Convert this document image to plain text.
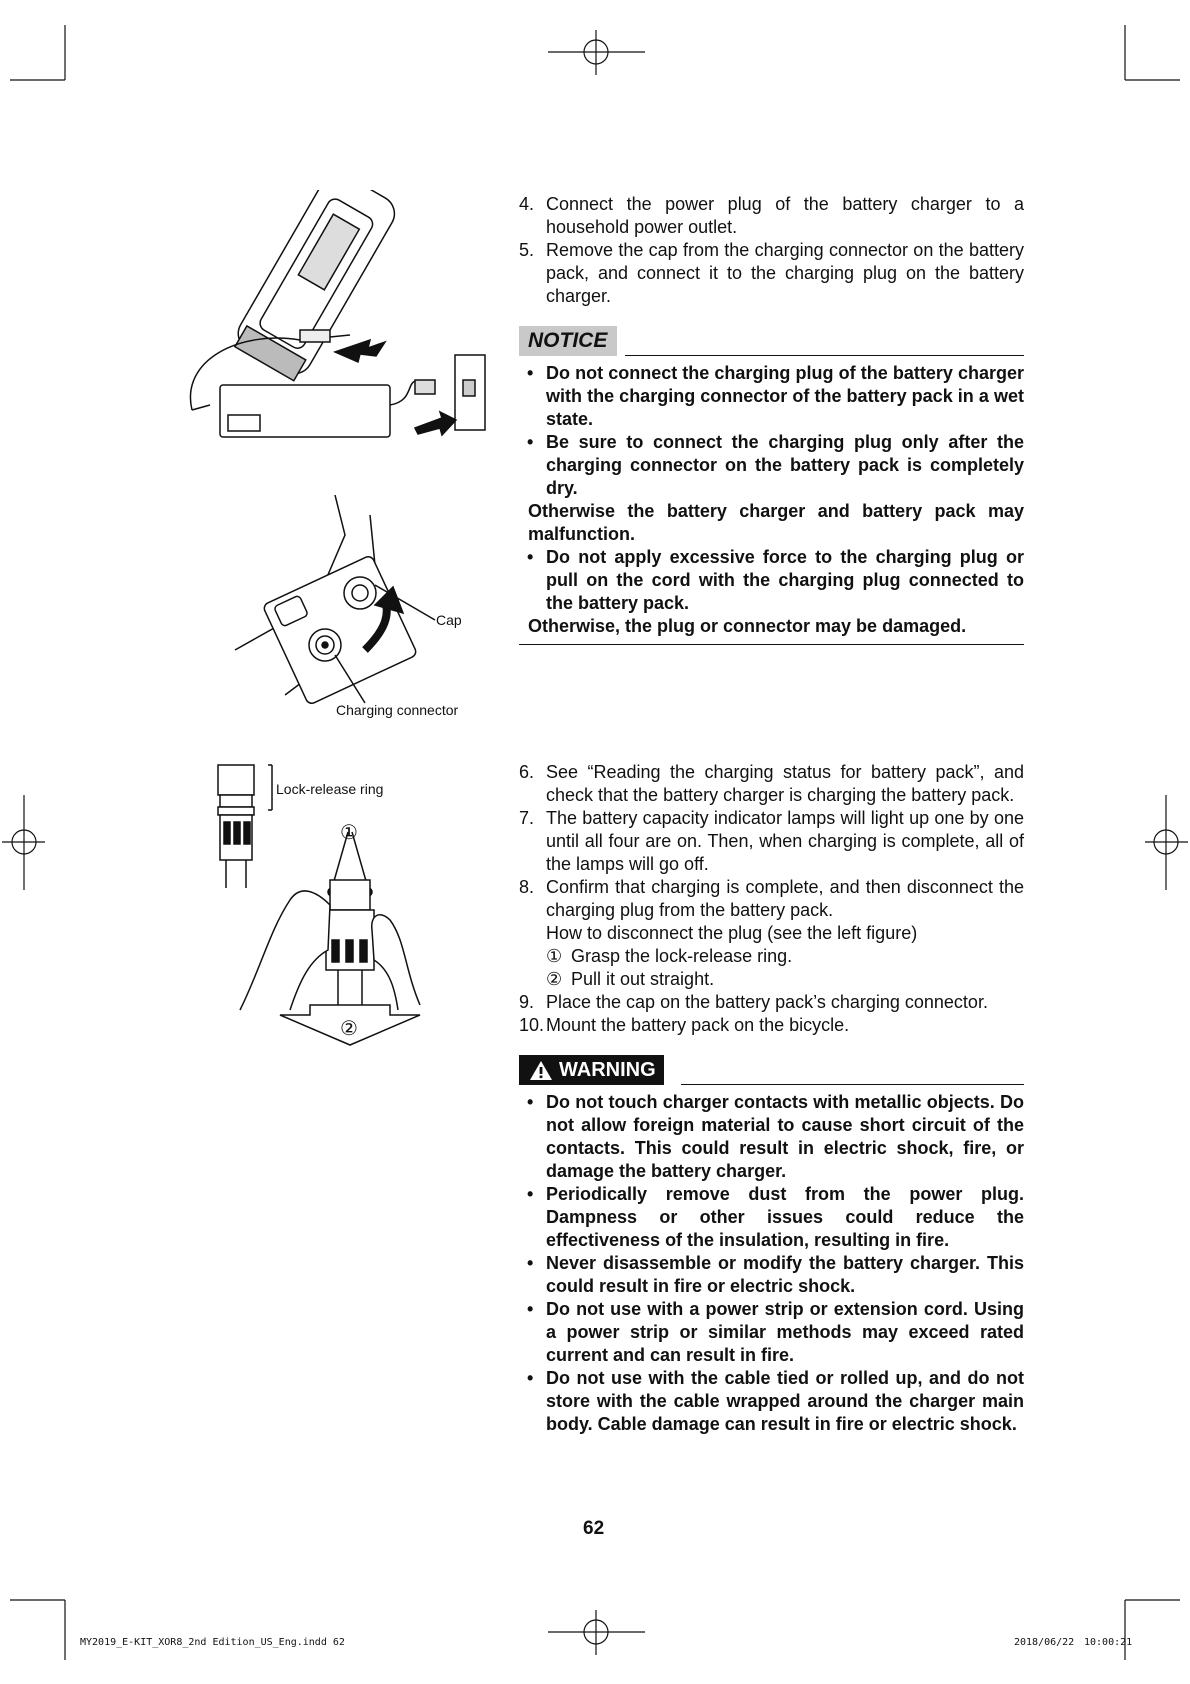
Cap
Charging connector
Lock-release ring
①
②
4. Connect the power plug of the battery charger to a household power outlet.
5. Remove the cap from the charging connector on the battery pack, and connect it to the charging plug on the battery charger.
NOTICE
• Do not connect the charging plug of the battery charger with the charging connector of the battery pack in a wet state.
• Be sure to connect the charging plug only after the charging connector on the battery pack is completely dry.
Otherwise the battery charger and battery pack may malfunction.
• Do not apply excessive force to the charging plug or pull on the cord with the charging plug connected to the battery pack.
Otherwise, the plug or connector may be damaged.
6. See “Reading the charging status for battery pack”, and check that the battery charger is charging the battery pack.
7. The battery capacity indicator lamps will light up one by one until all four are on. Then, when charging is complete, all of the lamps will go off.
8. Confirm that charging is complete, and then disconnect the charging plug from the battery pack.
How to disconnect the plug (see the left figure)
① Grasp the lock-release ring.
② Pull it out straight.
9. Place the cap on the battery pack’s charging connector.
10. Mount the battery pack on the bicycle.
WARNING
• Do not touch charger contacts with metallic objects. Do not allow foreign material to cause short circuit of the contacts. This could result in electric shock, fire, or damage the battery charger.
• Periodically remove dust from the power plug. Dampness or other issues could reduce the effectiveness of the insulation, resulting in fire.
• Never disassemble or modify the battery charger. This could result in fire or electric shock.
• Do not use with a power strip or extension cord. Using a power strip or similar methods may exceed rated current and can result in fire.
• Do not use with the cable tied or rolled up, and do not store with the cable wrapped around the charger main body. Cable damage can result in fire or electric shock.
62
MY2019_E-KIT_XOR8_2nd Edition_US_Eng.indd 62	2018/06/22 10:00:21
